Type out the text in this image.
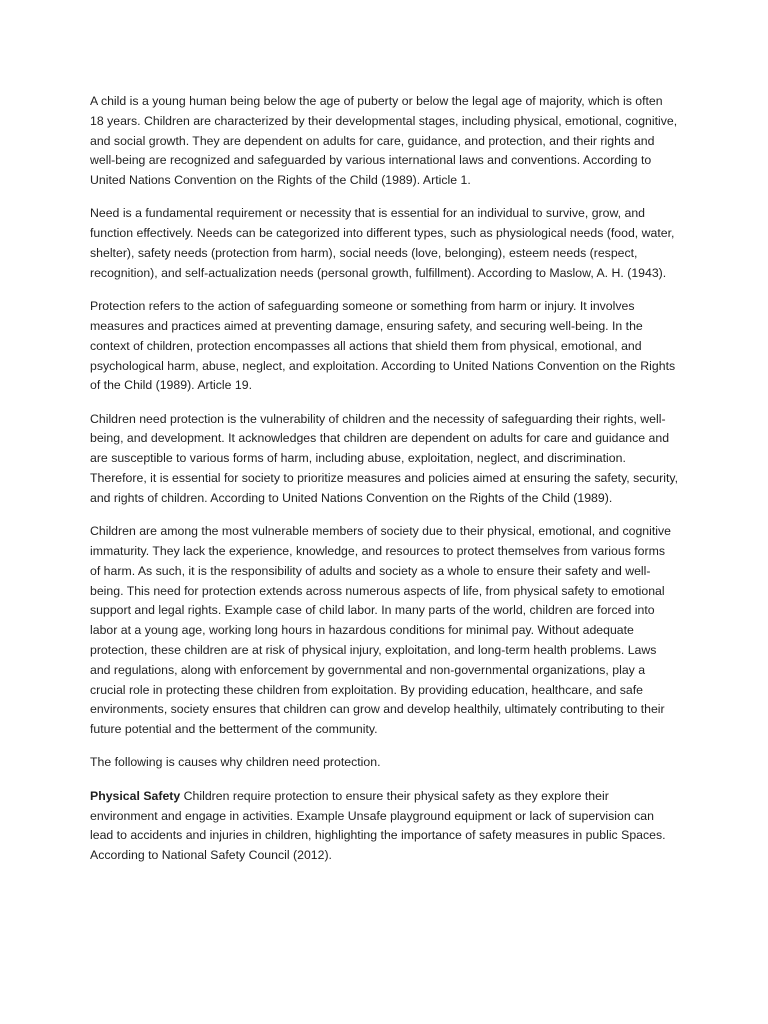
A child is a young human being below the age of puberty or below the legal age of majority, which is often 18 years. Children are characterized by their developmental stages, including physical, emotional, cognitive, and social growth. They are dependent on adults for care, guidance, and protection, and their rights and well-being are recognized and safeguarded by various international laws and conventions. According to United Nations Convention on the Rights of the Child (1989). Article 1.

Need is a fundamental requirement or necessity that is essential for an individual to survive, grow, and function effectively. Needs can be categorized into different types, such as physiological needs (food, water, shelter), safety needs (protection from harm), social needs (love, belonging), esteem needs (respect, recognition), and self-actualization needs (personal growth, fulfillment). According to Maslow, A. H. (1943).

Protection refers to the action of safeguarding someone or something from harm or injury. It involves measures and practices aimed at preventing damage, ensuring safety, and securing well-being. In the context of children, protection encompasses all actions that shield them from physical, emotional, and psychological harm, abuse, neglect, and exploitation. According to United Nations Convention on the Rights of the Child (1989). Article 19.

Children need protection is the vulnerability of children and the necessity of safeguarding their rights, well-being, and development. It acknowledges that children are dependent on adults for care and guidance and are susceptible to various forms of harm, including abuse, exploitation, neglect, and discrimination. Therefore, it is essential for society to prioritize measures and policies aimed at ensuring the safety, security, and rights of children. According to United Nations Convention on the Rights of the Child (1989).

Children are among the most vulnerable members of society due to their physical, emotional, and cognitive immaturity. They lack the experience, knowledge, and resources to protect themselves from various forms of harm. As such, it is the responsibility of adults and society as a whole to ensure their safety and well-being. This need for protection extends across numerous aspects of life, from physical safety to emotional support and legal rights. Example case of child labor. In many parts of the world, children are forced into labor at a young age, working long hours in hazardous conditions for minimal pay. Without adequate protection, these children are at risk of physical injury, exploitation, and long-term health problems. Laws and regulations, along with enforcement by governmental and non-governmental organizations, play a crucial role in protecting these children from exploitation. By providing education, healthcare, and safe environments, society ensures that children can grow and develop healthily, ultimately contributing to their future potential and the betterment of the community.

The following is causes why children need protection.

Physical Safety Children require protection to ensure their physical safety as they explore their environment and engage in activities. Example Unsafe playground equipment or lack of supervision can lead to accidents and injuries in children, highlighting the importance of safety measures in public Spaces. According to National Safety Council (2012).
